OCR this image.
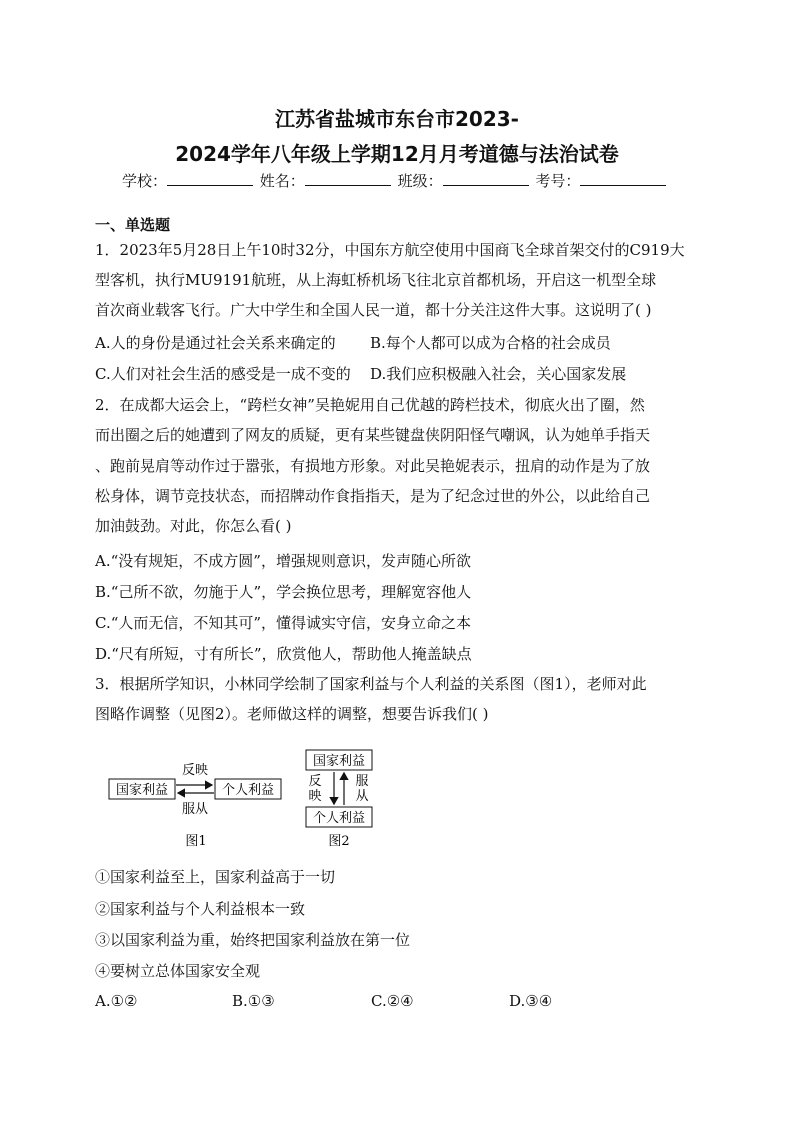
江苏省盐城市东台市2023-
2024学年八年级上学期12月月考道德与法治试卷
学校：	姓名：	班级：	考号：
一、单选题
1．2023年5月28日上午10时32分，中国东方航空使用中国商飞全球首架交付的C919大
型客机，执行MU9191航班，从上海虹桥机场飞往北京首都机场，开启这一机型全球
首次商业载客飞行。广大中学生和全国人民一道，都十分关注这件大事。这说明了( )
A.人的身份是通过社会关系来确定的 B.每个人都可以成为合格的社会成员
C.人们对社会生活的感受是一成不变的 D.我们应积极融入社会，关心国家发展
2．在成都大运会上，“跨栏女神”吴艳妮用自己优越的跨栏技术，彻底火出了圈，然
而出圈之后的她遭到了网友的质疑，更有某些键盘侠阴阳怪气嘲讽，认为她单手指天
、跑前晃肩等动作过于嚣张，有损地方形象。对此吴艳妮表示，扭肩的动作是为了放
松身体，调节竞技状态，而招牌动作食指指天，是为了纪念过世的外公，以此给自己
加油鼓劲。对此，你怎么看( )
A.“没有规矩，不成方圆”，增强规则意识，发声随心所欲
B.“己所不欲，勿施于人”，学会换位思考，理解宽容他人
C.“人而无信，不知其可”，懂得诚实守信，安身立命之本
D.“尺有所短，寸有所长”，欣赏他人，帮助他人掩盖缺点
3．根据所学知识，小林同学绘制了国家利益与个人利益的关系图（图1），老师对此
图略作调整（见图2）。老师做这样的调整，想要告诉我们( )
国家利益	个人利益
反映
服从
图1
国家利益
个人利益
反
映
服
从
图2
①国家利益至上，国家利益高于一切
②国家利益与个人利益根本一致
③以国家利益为重，始终把国家利益放在第一位
④要树立总体国家安全观
A.①②	B.①③	C.②④	D.③④
